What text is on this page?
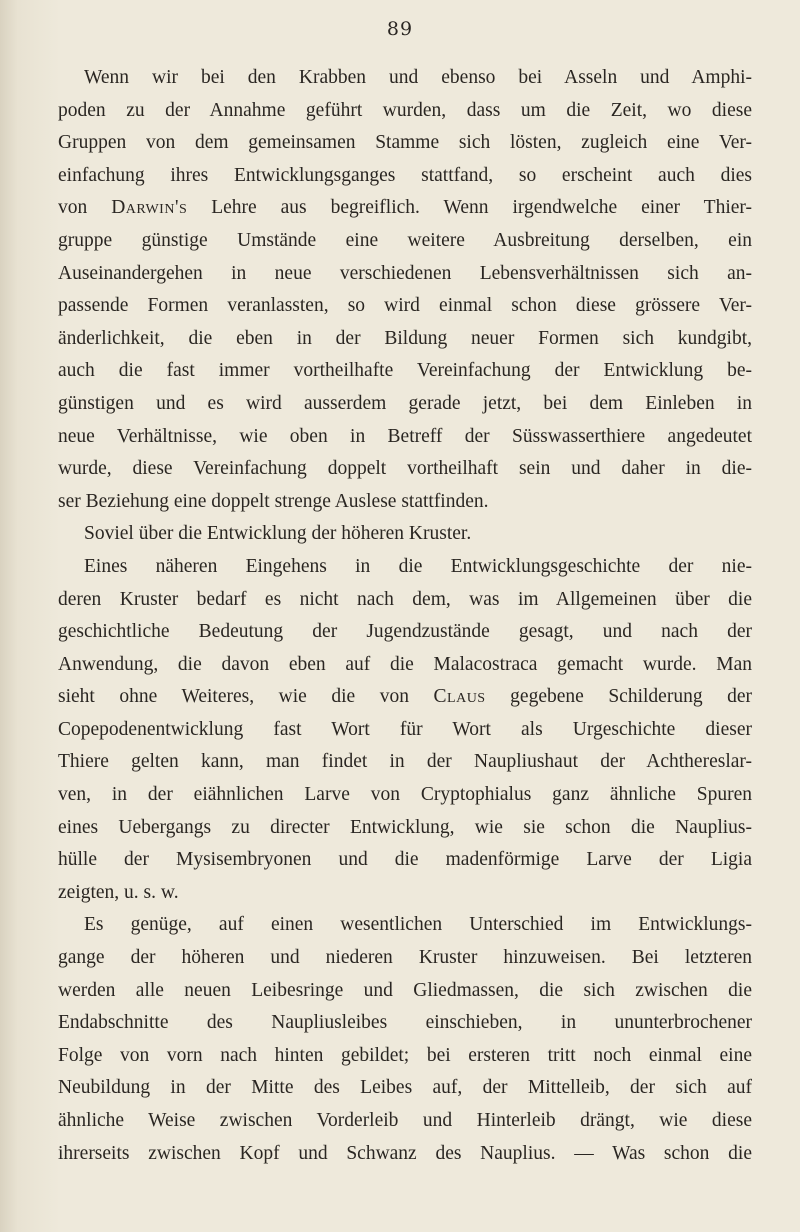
89
Wenn wir bei den Krabben und ebenso bei Asseln und Amphi-
poden zu der Annahme geführt wurden, dass um die Zeit, wo diese
Gruppen von dem gemeinsamen Stamme sich lösten, zugleich eine Ver-
einfachung ihres Entwicklungsganges stattfand, so erscheint auch dies
von Darwin's Lehre aus begreiflich. Wenn irgendwelche einer Thier-
gruppe günstige Umstände eine weitere Ausbreitung derselben, ein
Auseinandergehen in neue verschiedenen Lebensverhältnissen sich an-
passende Formen veranlassten, so wird einmal schon diese grössere Ver-
änderlichkeit, die eben in der Bildung neuer Formen sich kundgibt,
auch die fast immer vortheilhafte Vereinfachung der Entwicklung be-
günstigen und es wird ausserdem gerade jetzt, bei dem Einleben in
neue Verhältnisse, wie oben in Betreff der Süsswasserthiere angedeutet
wurde, diese Vereinfachung doppelt vortheilhaft sein und daher in die-
ser Beziehung eine doppelt strenge Auslese stattfinden.
Soviel über die Entwicklung der höheren Kruster.
Eines näheren Eingehens in die Entwicklungsgeschichte der nie-
deren Kruster bedarf es nicht nach dem, was im Allgemeinen über die
geschichtliche Bedeutung der Jugendzustände gesagt, und nach der
Anwendung, die davon eben auf die Malacostraca gemacht wurde. Man
sieht ohne Weiteres, wie die von Claus gegebene Schilderung der
Copepodenentwicklung fast Wort für Wort als Urgeschichte dieser
Thiere gelten kann, man findet in der Naupliushaut der Achthereslar-
ven, in der eiähnlichen Larve von Cryptophialus ganz ähnliche Spuren
eines Uebergangs zu directer Entwicklung, wie sie schon die Nauplius-
hülle der Mysisembryonen und die madenförmige Larve der Ligia
zeigten, u. s. w.
Es genüge, auf einen wesentlichen Unterschied im Entwicklungs-
gange der höheren und niederen Kruster hinzuweisen. Bei letzteren
werden alle neuen Leibesringe und Gliedmassen, die sich zwischen die
Endabschnitte des Naupliusleibes einschieben, in ununterbrochener
Folge von vorn nach hinten gebildet; bei ersteren tritt noch einmal eine
Neubildung in der Mitte des Leibes auf, der Mittelleib, der sich auf
ähnliche Weise zwischen Vorderleib und Hinterleib drängt, wie diese
ihrerseits zwischen Kopf und Schwanz des Nauplius. — Was schon die
